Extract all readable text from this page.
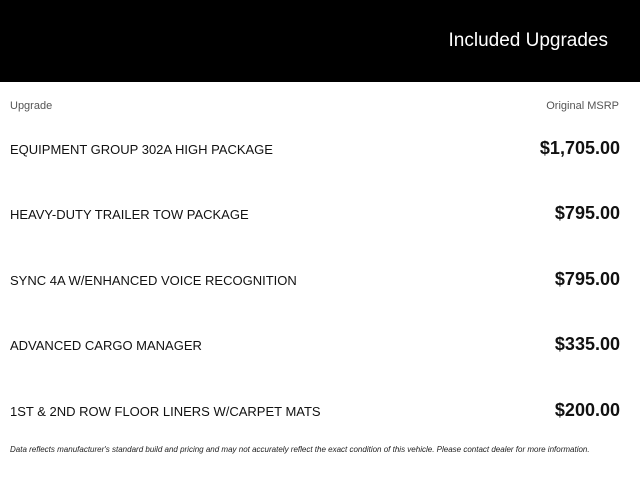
Included Upgrades
Upgrade	Original MSRP
EQUIPMENT GROUP 302A HIGH PACKAGE	$1,705.00
HEAVY-DUTY TRAILER TOW PACKAGE	$795.00
SYNC 4A W/ENHANCED VOICE RECOGNITION	$795.00
ADVANCED CARGO MANAGER	$335.00
1ST & 2ND ROW FLOOR LINERS W/CARPET MATS	$200.00
Data reflects manufacturer's standard build and pricing and may not accurately reflect the exact condition of this vehicle. Please contact dealer for more information.
